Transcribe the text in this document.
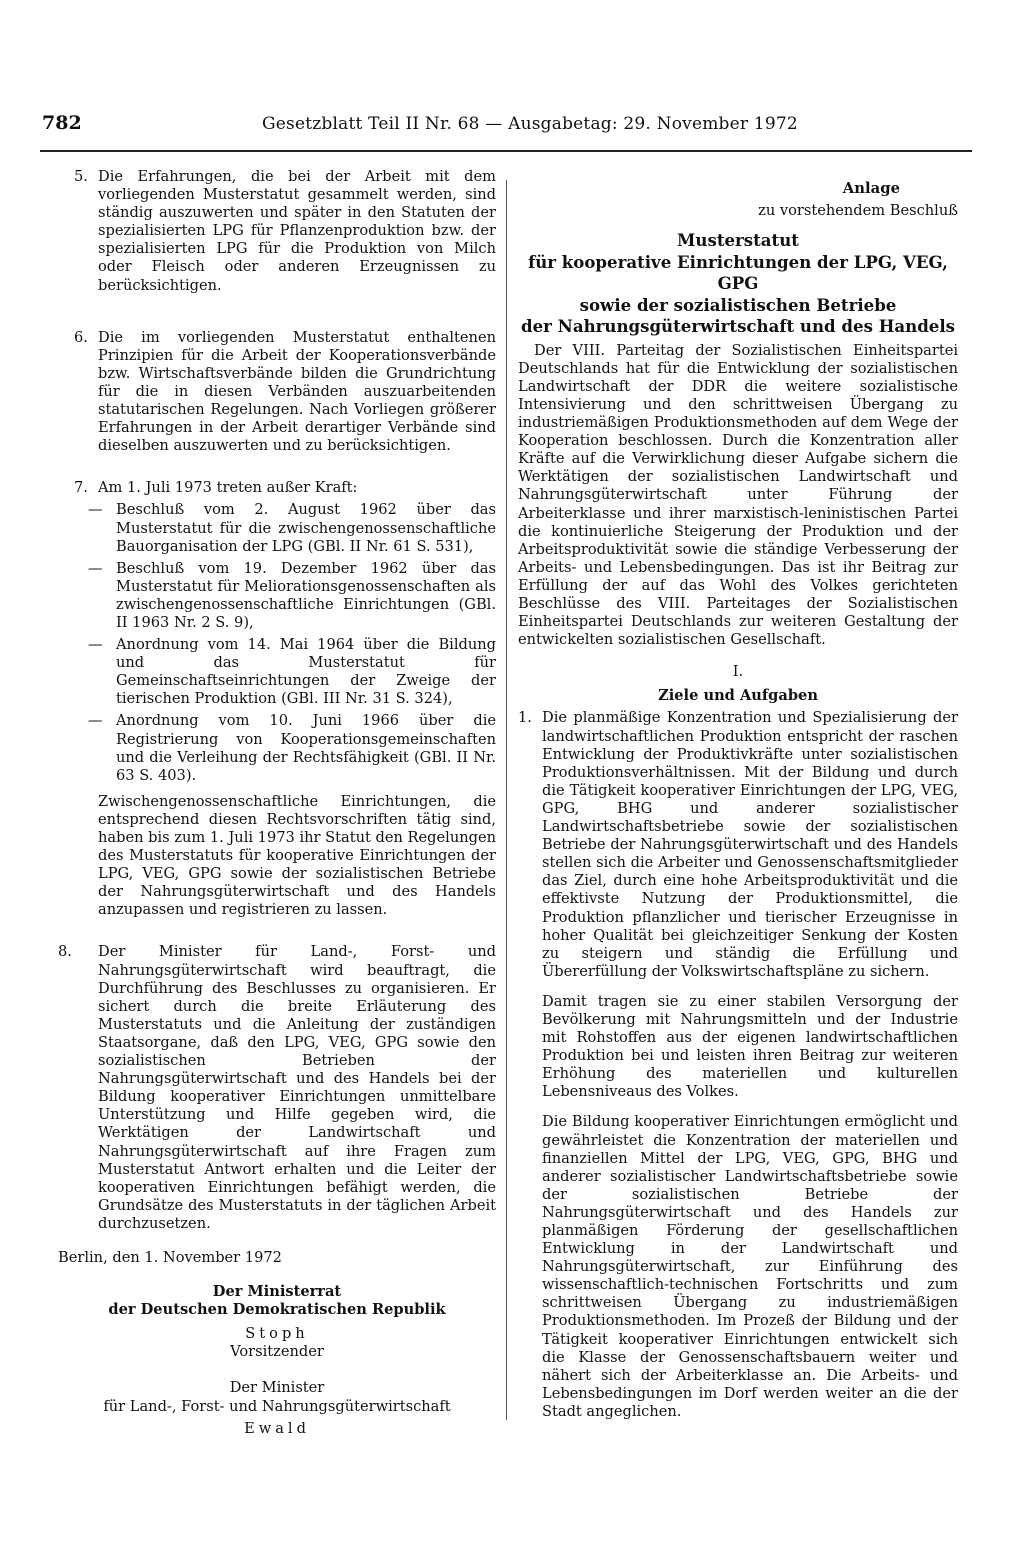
782	Gesetzblatt Teil II Nr. 68 — Ausgabetag: 29. November 1972
5. Die Erfahrungen, die bei der Arbeit mit dem vorliegenden Musterstatut gesammelt werden, sind ständig auszuwerten und später in den Statuten der spezialisierten LPG für Pflanzenproduktion bzw. der spezialisierten LPG für die Produktion von Milch oder Fleisch oder anderen Erzeugnissen zu berücksichtigen.
6. Die im vorliegenden Musterstatut enthaltenen Prinzipien für die Arbeit der Kooperationsverbände bzw. Wirtschaftsverbände bilden die Grundrichtung für die in diesen Verbänden auszuarbeitenden statutarischen Regelungen. Nach Vorliegen größerer Erfahrungen in der Arbeit derartiger Verbände sind dieselben auszuwerten und zu berücksichtigen.
7. Am 1. Juli 1973 treten außer Kraft:
— Beschluß vom 2. August 1962 über das Musterstatut für die zwischengenossenschaftliche Bauorganisation der LPG (GBl. II Nr. 61 S. 531),
— Beschluß vom 19. Dezember 1962 über das Musterstatut für Meliorationsgenossenschaften als zwischengenossenschaftliche Einrichtungen (GBl. II 1963 Nr. 2 S. 9),
— Anordnung vom 14. Mai 1964 über die Bildung und das Musterstatut für Gemeinschaftseinrichtungen der Zweige der tierischen Produktion (GBl. III Nr. 31 S. 324),
— Anordnung vom 10. Juni 1966 über die Registrierung von Kooperationsgemeinschaften und die Verleihung der Rechtsfähigkeit (GBl. II Nr. 63 S. 403).
Zwischengenossenschaftliche Einrichtungen, die entsprechend diesen Rechtsvorschriften tätig sind, haben bis zum 1. Juli 1973 ihr Statut den Regelungen des Musterstatuts für kooperative Einrichtungen der LPG, VEG, GPG sowie der sozialistischen Betriebe der Nahrungsgüterwirtschaft und des Handels anzupassen und registrieren zu lassen.
8. Der Minister für Land-, Forst- und Nahrungsgüterwirtschaft wird beauftragt, die Durchführung des Beschlusses zu organisieren. Er sichert durch die breite Erläuterung des Musterstatuts und die Anleitung der zuständigen Staatsorgane, daß den LPG, VEG, GPG sowie den sozialistischen Betrieben der Nahrungsgüterwirtschaft und des Handels bei der Bildung kooperativer Einrichtungen unmittelbare Unterstützung und Hilfe gegeben wird, die Werktätigen der Landwirtschaft und Nahrungsgüterwirtschaft auf ihre Fragen zum Musterstatut Antwort erhalten und die Leiter der kooperativen Einrichtungen befähigt werden, die Grundsätze des Musterstatuts in der täglichen Arbeit durchzusetzen.
Berlin, den 1. November 1972
Der Ministerrat
der Deutschen Demokratischen Republik
Stoph
Vorsitzender
Der Minister
für Land-, Forst- und Nahrungsgüterwirtschaft
Ewald
Anlage
zu vorstehendem Beschluß
Musterstatut
für kooperative Einrichtungen der LPG, VEG, GPG
sowie der sozialistischen Betriebe
der Nahrungsgüterwirtschaft und des Handels
Der VIII. Parteitag der Sozialistischen Einheitspartei Deutschlands hat für die Entwicklung der sozialistischen Landwirtschaft der DDR die weitere sozialistische Intensivierung und den schrittweisen Übergang zu industriemäßigen Produktionsmethoden auf dem Wege der Kooperation beschlossen. Durch die Konzentration aller Kräfte auf die Verwirklichung dieser Aufgabe sichern die Werktätigen der sozialistischen Landwirtschaft und Nahrungsgüterwirtschaft unter Führung der Arbeiterklasse und ihrer marxistisch-leninistischen Partei die kontinuierliche Steigerung der Produktion und der Arbeitsproduktivität sowie die ständige Verbesserung der Arbeits- und Lebensbedingungen. Das ist ihr Beitrag zur Erfüllung der auf das Wohl des Volkes gerichteten Beschlüsse des VIII. Parteitages der Sozialistischen Einheitspartei Deutschlands zur weiteren Gestaltung der entwickelten sozialistischen Gesellschaft.
I.
Ziele und Aufgaben
1. Die planmäßige Konzentration und Spezialisierung der landwirtschaftlichen Produktion entspricht der raschen Entwicklung der Produktivkräfte unter sozialistischen Produktionsverhältnissen. Mit der Bildung und durch die Tätigkeit kooperativer Einrichtungen der LPG, VEG, GPG, BHG und anderer sozialistischer Landwirtschaftsbetriebe sowie der sozialistischen Betriebe der Nahrungsgüterwirtschaft und des Handels stellen sich die Arbeiter und Genossenschaftsmitglieder das Ziel, durch eine hohe Arbeitsproduktivität und die effektivste Nutzung der Produktionsmittel, die Produktion pflanzlicher und tierischer Erzeugnisse in hoher Qualität bei gleichzeitiger Senkung der Kosten zu steigern und ständig die Erfüllung und Übererfüllung der Volkswirtschaftspläne zu sichern.
Damit tragen sie zu einer stabilen Versorgung der Bevölkerung mit Nahrungsmitteln und der Industrie mit Rohstoffen aus der eigenen landwirtschaftlichen Produktion bei und leisten ihren Beitrag zur weiteren Erhöhung des materiellen und kulturellen Lebensniveaus des Volkes.
Die Bildung kooperativer Einrichtungen ermöglicht und gewährleistet die Konzentration der materiellen und finanziellen Mittel der LPG, VEG, GPG, BHG und anderer sozialistischer Landwirtschaftsbetriebe sowie der sozialistischen Betriebe der Nahrungsgüterwirtschaft und des Handels zur planmäßigen Förderung der gesellschaftlichen Entwicklung in der Landwirtschaft und Nahrungsgüterwirtschaft, zur Einführung des wissenschaftlich-technischen Fortschritts und zum schrittweisen Übergang zu industriemäßigen Produktionsmethoden. Im Prozeß der Bildung und der Tätigkeit kooperativer Einrichtungen entwickelt sich die Klasse der Genossenschaftsbauern weiter und nähert sich der Arbeiterklasse an. Die Arbeits- und Lebensbedingungen im Dorf werden weiter an die der Stadt angeglichen.
